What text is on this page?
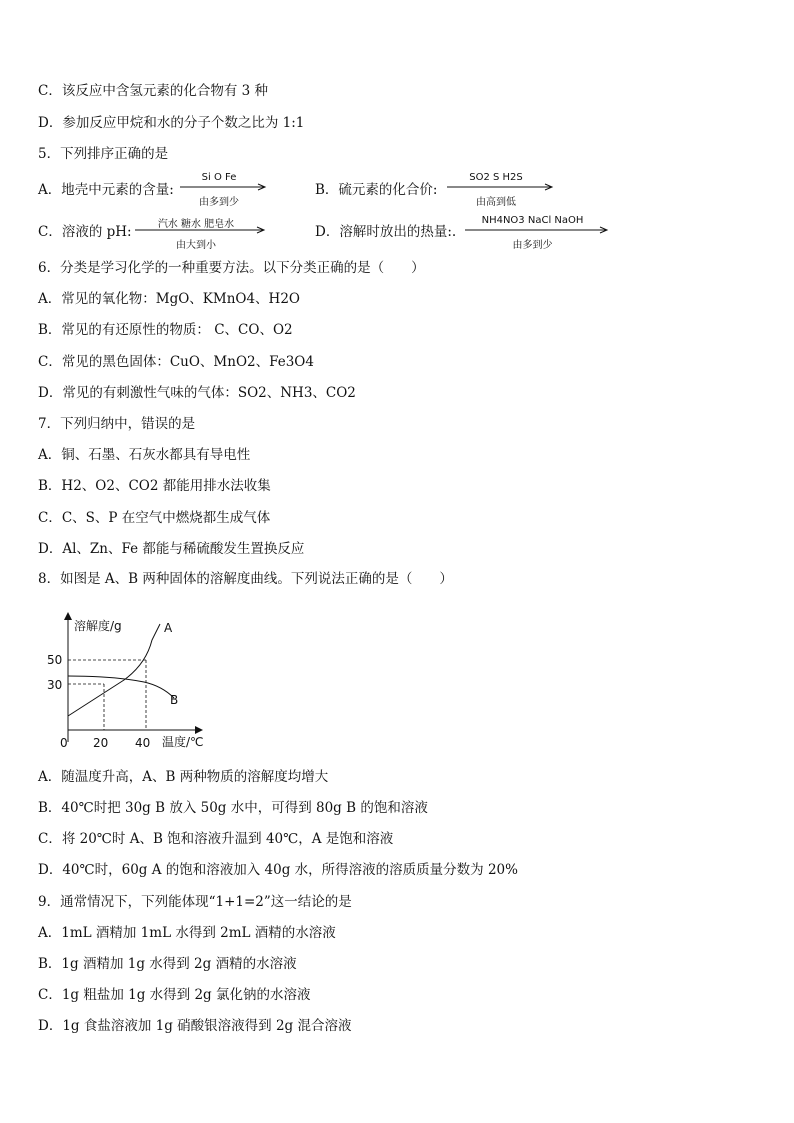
C．该反应中含氢元素的化合物有 3 种
D．参加反应甲烷和水的分子个数之比为 1:1
5．下列排序正确的是
A．地壳中元素的含量:
Si O Fe
由多到少
B．硫元素的化合价:
SO2 S H2S
由高到低
C．溶液的 pH:	汽水 糖水 肥皂水
由大到小
D．溶解时放出的热量:.
NH4NO3 NaCl NaOH
由多到少
6．分类是学习化学的一种重要方法。以下分类正确的是（　　）
A．常见的氧化物：MgO、KMnO4、H2O
B．常见的有还原性的物质： C、CO、O2
C．常见的黑色固体：CuO、MnO2、Fe3O4
D．常见的有刺激性气味的气体：SO2、NH3、CO2
7．下列归纳中，错误的是
A．铜、石墨、石灰水都具有导电性
B．H2、O2、CO2 都能用排水法收集
C．C、S、P 在空气中燃烧都生成气体
D．Al、Zn、Fe 都能与稀硫酸发生置换反应
8．如图是 A、B 两种固体的溶解度曲线。下列说法正确的是（　　）
溶解度/g
温度/℃
0 20 40
50
30
A
B
A．随温度升高，A、B 两种物质的溶解度均增大
B．40℃时把 30g B 放入 50g 水中，可得到 80g B 的饱和溶液
C．将 20℃时 A、B 饱和溶液升温到 40℃，A 是饱和溶液
D．40℃时，60g A 的饱和溶液加入 40g 水，所得溶液的溶质质量分数为 20%
9．通常情况下，下列能体现“1+1=2”这一结论的是
A．1mL 酒精加 1mL 水得到 2mL 酒精的水溶液
B．1g 酒精加 1g 水得到 2g 酒精的水溶液
C．1g 粗盐加 1g 水得到 2g 氯化钠的水溶液
D．1g 食盐溶液加 1g 硝酸银溶液得到 2g 混合溶液
